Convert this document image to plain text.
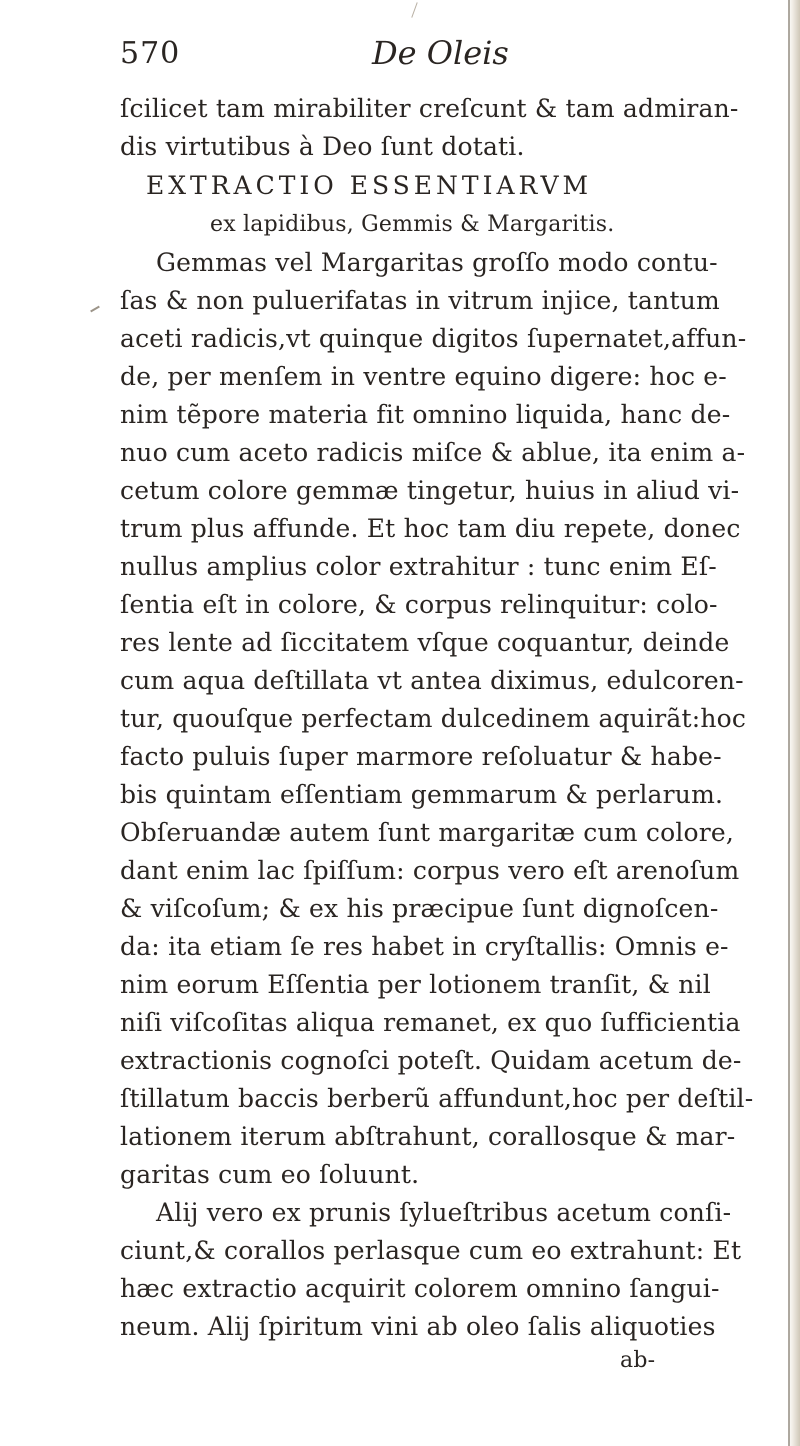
570	De Oleis
ſcilicet tam mirabiliter creſcunt & tam admiran-
dis virtutibus à Deo ſunt dotati.
EXTRACTIO ESSENTIARVM
ex lapidibus, Gemmis & Margaritis.
Gemmas vel Margaritas groſſo modo contu-
ſas & non puluerifatas in vitrum injice, tantum
aceti radicis,vt quinque digitos ſupernatet,affun-
de, per menſem in ventre equino digere: hoc e-
nim tẽpore materia fit omnino liquida, hanc de-
nuo cum aceto radicis miſce & ablue, ita enim a-
cetum colore gemmæ tingetur, huius in aliud vi-
trum plus affunde. Et hoc tam diu repete, donec
nullus amplius color extrahitur : tunc enim Eſ-
ſentia eſt in colore, & corpus relinquitur: colo-
res lente ad ſiccitatem vſque coquantur, deinde
cum aqua deſtillata vt antea diximus, edulcoren-
tur, quouſque perfectam dulcedinem aquirãt:hoc
facto puluis ſuper marmore reſoluatur & habe-
bis quintam eſſentiam gemmarum & perlarum.
Obſeruandæ autem ſunt margaritæ cum colore,
dant enim lac ſpiſſum: corpus vero eſt arenoſum
& viſcoſum; & ex his præcipue ſunt dignoſcen-
da: ita etiam ſe res habet in cryſtallis: Omnis e-
nim eorum Eſſentia per lotionem tranſit, & nil
niſi viſcoſitas aliqua remanet, ex quo ſufficientia
extractionis cognoſci poteſt. Quidam acetum de-
ſtillatum baccis berberũ affundunt,hoc per deſtil-
lationem iterum abſtrahunt, corallosque & mar-
garitas cum eo ſoluunt.
Alij vero ex prunis ſylueſtribus acetum conſi-
ciunt,& corallos perlasque cum eo extrahunt: Et
hæc extractio acquirit colorem omnino ſangui-
neum. Alij ſpiritum vini ab oleo ſalis aliquoties
ab-
